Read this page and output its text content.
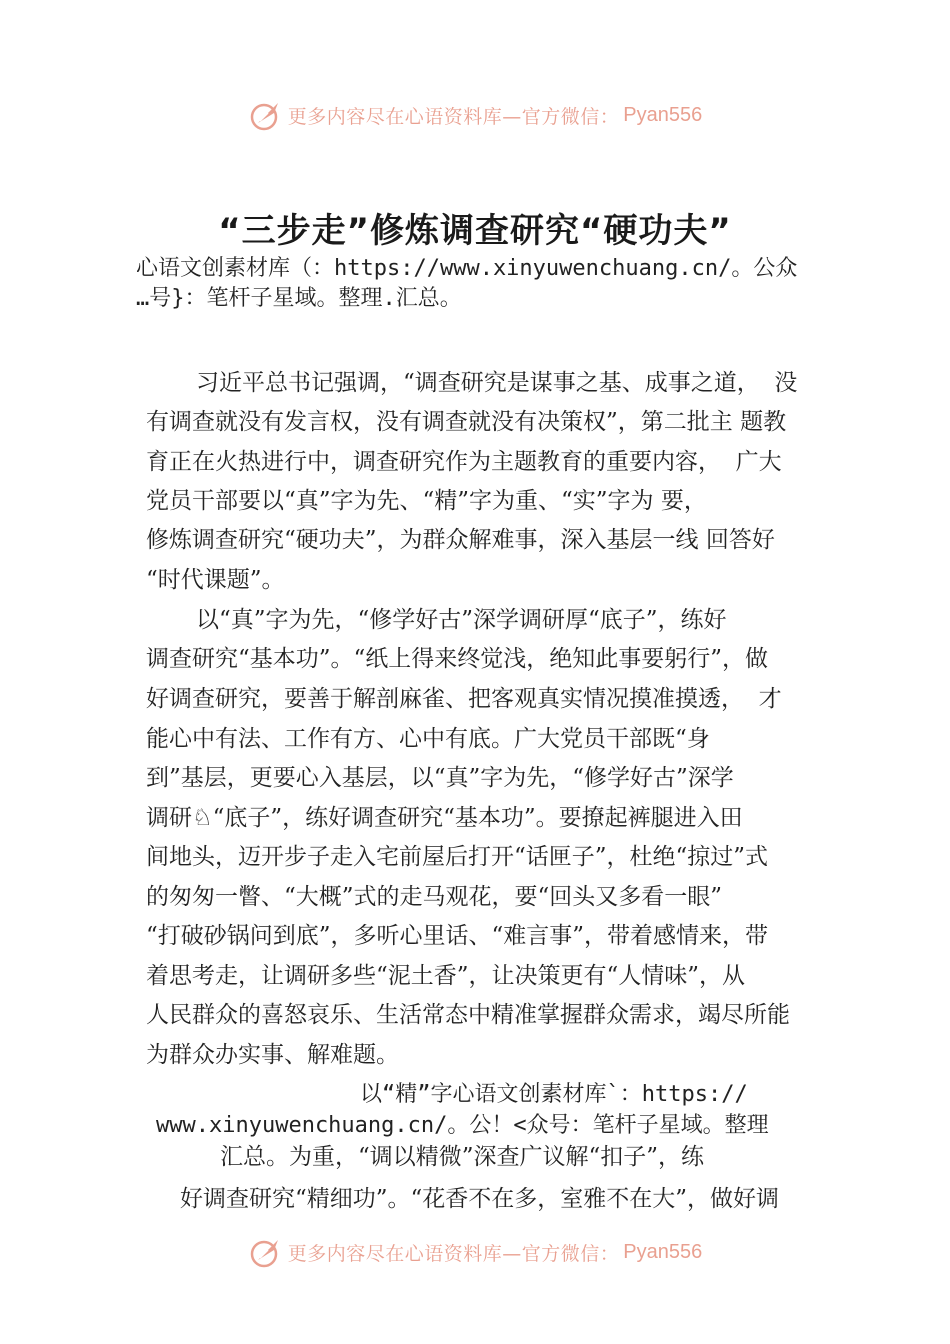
更多内容尽在心语资料库—官方微信： Pyan556
“三步走”修炼调查研究“硬功夫”
心语文创素材库（：https://www.xinyuwenchuang.cn/。公众
…号}：笔杆子星域。整理.汇总。
习近平总书记强调，“调查研究是谋事之基、成事之道，  没
有调查就没有发言权，没有调查就没有决策权”，第二批主 题教
育正在火热进行中，调查研究作为主题教育的重要内容，  广大
党员干部要以“真”字为先、“精”字为重、“实”字为 要，
修炼调查研究“硬功夫”，为群众解难事，深入基层一线 回答好
“时代课题”。
以“真”字为先，“修学好古”深学调研厚“底子”，练好
调查研究“基本功”。“纸上得来终觉浅，绝知此事要躬行”，做
好调查研究，要善于解剖麻雀、把客观真实情况摸准摸透，  才
能心中有法、工作有方、心中有底。广大党员干部既“身
到”基层，更要心入基层，以“真”字为先，“修学好古”深学
调研♘“底子”，练好调查研究“基本功”。要撩起裤腿进入田
间地头，迈开步子走入宅前屋后打开“话匣子”，杜绝“掠过”式
的匆匆一瞥、“大概”式的走马观花，要“回头又多看一眼”
“打破砂锅问到底”，多听心里话、“难言事”，带着感情来，带
着思考走，让调研多些“泥土香”，让决策更有“人情味”，从
人民群众的喜怒哀乐、生活常态中精准掌握群众需求，竭尽所能
为群众办实事、解难题。
以“精”字心语文创素材库`：https://
www.xinyuwenchuang.cn/。公！<众号：笔杆子星域。整理
汇总。为重，“调以精微”深查广议解“扣子”，练
好调查研究“精细功”。“花香不在多，室雅不在大”，做好调
更多内容尽在心语资料库—官方微信： Pyan556
